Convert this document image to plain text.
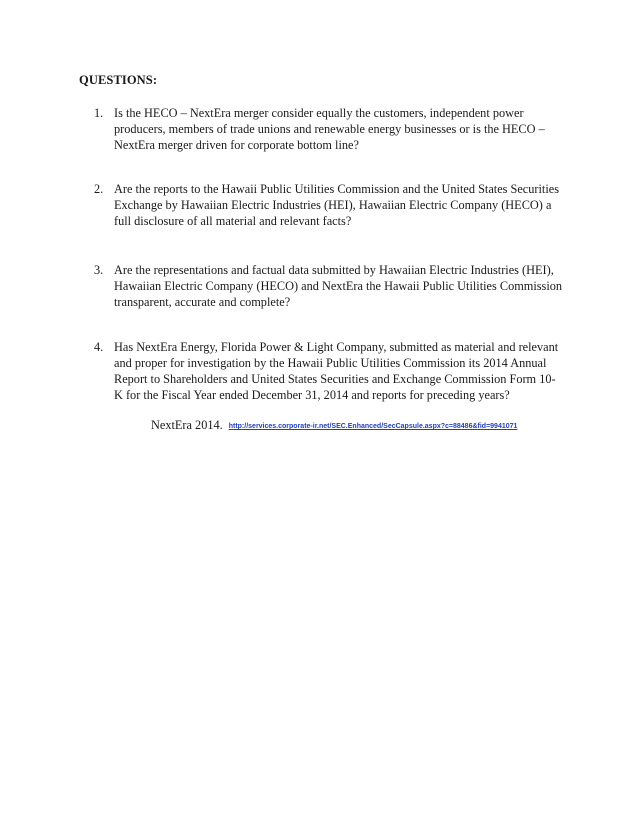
QUESTIONS:
1. Is the HECO – NextEra merger consider equally the customers, independent power producers, members of trade unions and renewable energy businesses or is the HECO – NextEra merger driven for corporate bottom line?
2. Are the reports to the Hawaii Public Utilities Commission and the United States Securities Exchange by Hawaiian Electric Industries (HEI), Hawaiian Electric Company (HECO) a full disclosure of all material and relevant facts?
3. Are the representations and factual data submitted by Hawaiian Electric Industries (HEI), Hawaiian Electric Company (HECO) and NextEra the Hawaii Public Utilities Commission transparent, accurate and complete?
4. Has NextEra Energy, Florida Power & Light Company, submitted as material and relevant and proper for investigation by the Hawaii Public Utilities Commission its 2014 Annual Report to Shareholders and United States Securities and Exchange Commission Form 10-K for the Fiscal Year ended December 31, 2014 and reports for preceding years?
NextEra 2014. http://services.corporate-ir.net/SEC.Enhanced/SecCapsule.aspx?c=88486&fid=9941071
